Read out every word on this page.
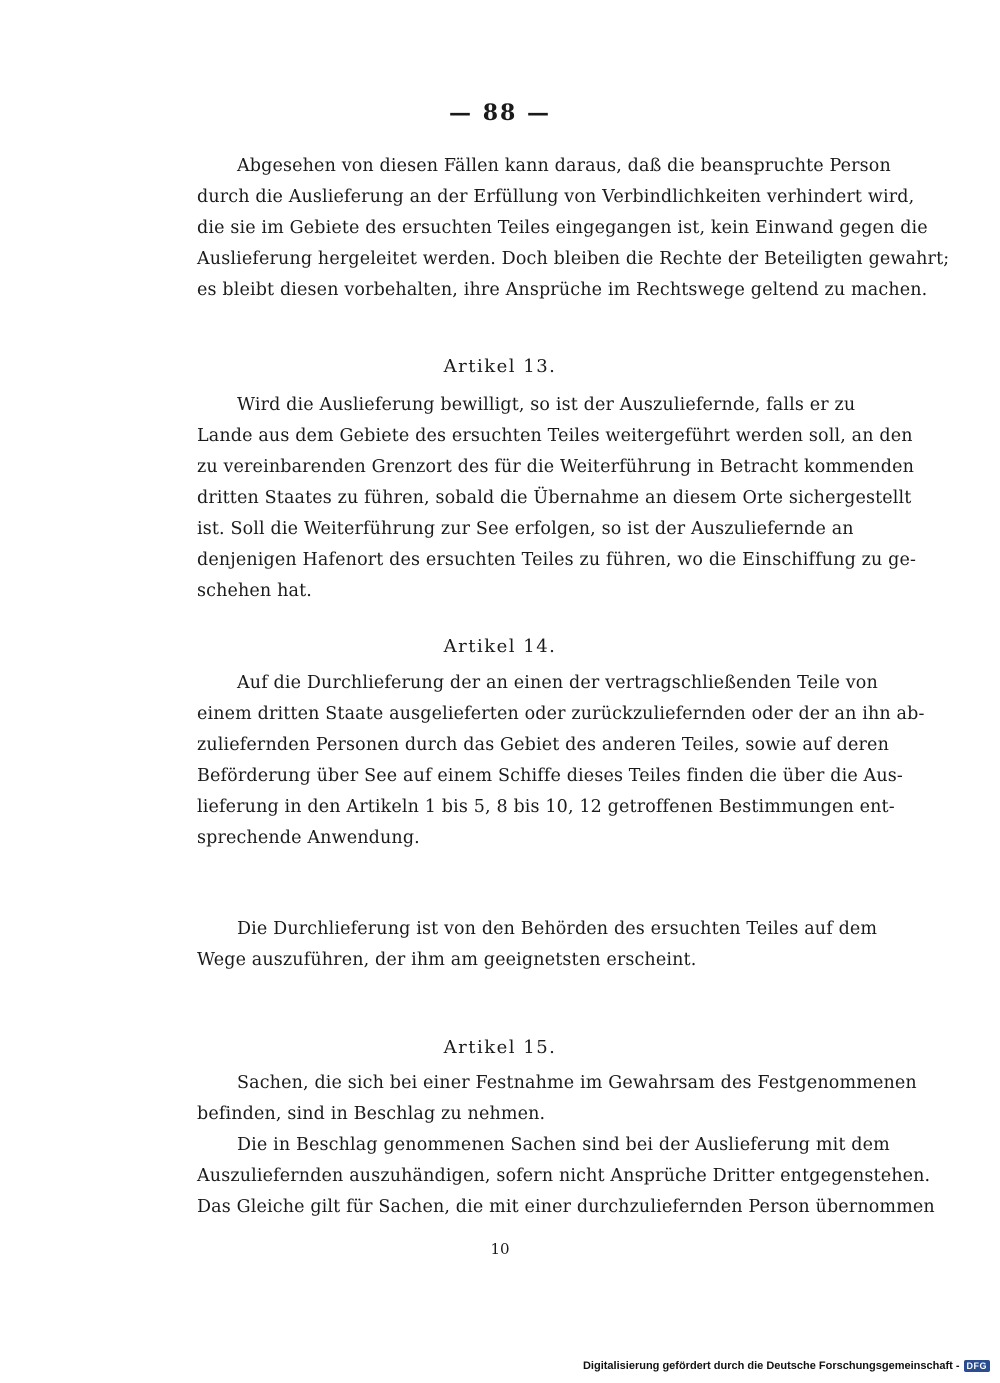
— 88 —
Abgesehen von diesen Fällen kann daraus, daß die beanspruchte Person
durch die Auslieferung an der Erfüllung von Verbindlichkeiten verhindert wird,
die sie im Gebiete des ersuchten Teiles eingegangen ist, kein Einwand gegen die
Auslieferung hergeleitet werden. Doch bleiben die Rechte der Beteiligten gewahrt;
es bleibt diesen vorbehalten, ihre Ansprüche im Rechtswege geltend zu machen.
Artikel 13.
Wird die Auslieferung bewilligt, so ist der Auszuliefernde, falls er zu
Lande aus dem Gebiete des ersuchten Teiles weitergeführt werden soll, an den
zu vereinbarenden Grenzort des für die Weiterführung in Betracht kommenden
dritten Staates zu führen, sobald die Übernahme an diesem Orte sichergestellt
ist. Soll die Weiterführung zur See erfolgen, so ist der Auszuliefernde an
denjenigen Hafenort des ersuchten Teiles zu führen, wo die Einschiffung zu ge-
schehen hat.
Artikel 14.
Auf die Durchlieferung der an einen der vertragschließenden Teile von
einem dritten Staate ausgelieferten oder zurückzuliefernden oder der an ihn ab-
zuliefernden Personen durch das Gebiet des anderen Teiles, sowie auf deren
Beförderung über See auf einem Schiffe dieses Teiles finden die über die Aus-
lieferung in den Artikeln 1 bis 5, 8 bis 10, 12 getroffenen Bestimmungen ent-
sprechende Anwendung.
Die Durchlieferung ist von den Behörden des ersuchten Teiles auf dem
Wege auszuführen, der ihm am geeignetsten erscheint.
Artikel 15.
Sachen, die sich bei einer Festnahme im Gewahrsam des Festgenommenen
befinden, sind in Beschlag zu nehmen.
Die in Beschlag genommenen Sachen sind bei der Auslieferung mit dem
Auszuliefernden auszuhändigen, sofern nicht Ansprüche Dritter entgegenstehen.
Das Gleiche gilt für Sachen, die mit einer durchzuliefernden Person übernommen
10
Digitalisierung gefördert durch die Deutsche Forschungsgemeinschaft - DFG
